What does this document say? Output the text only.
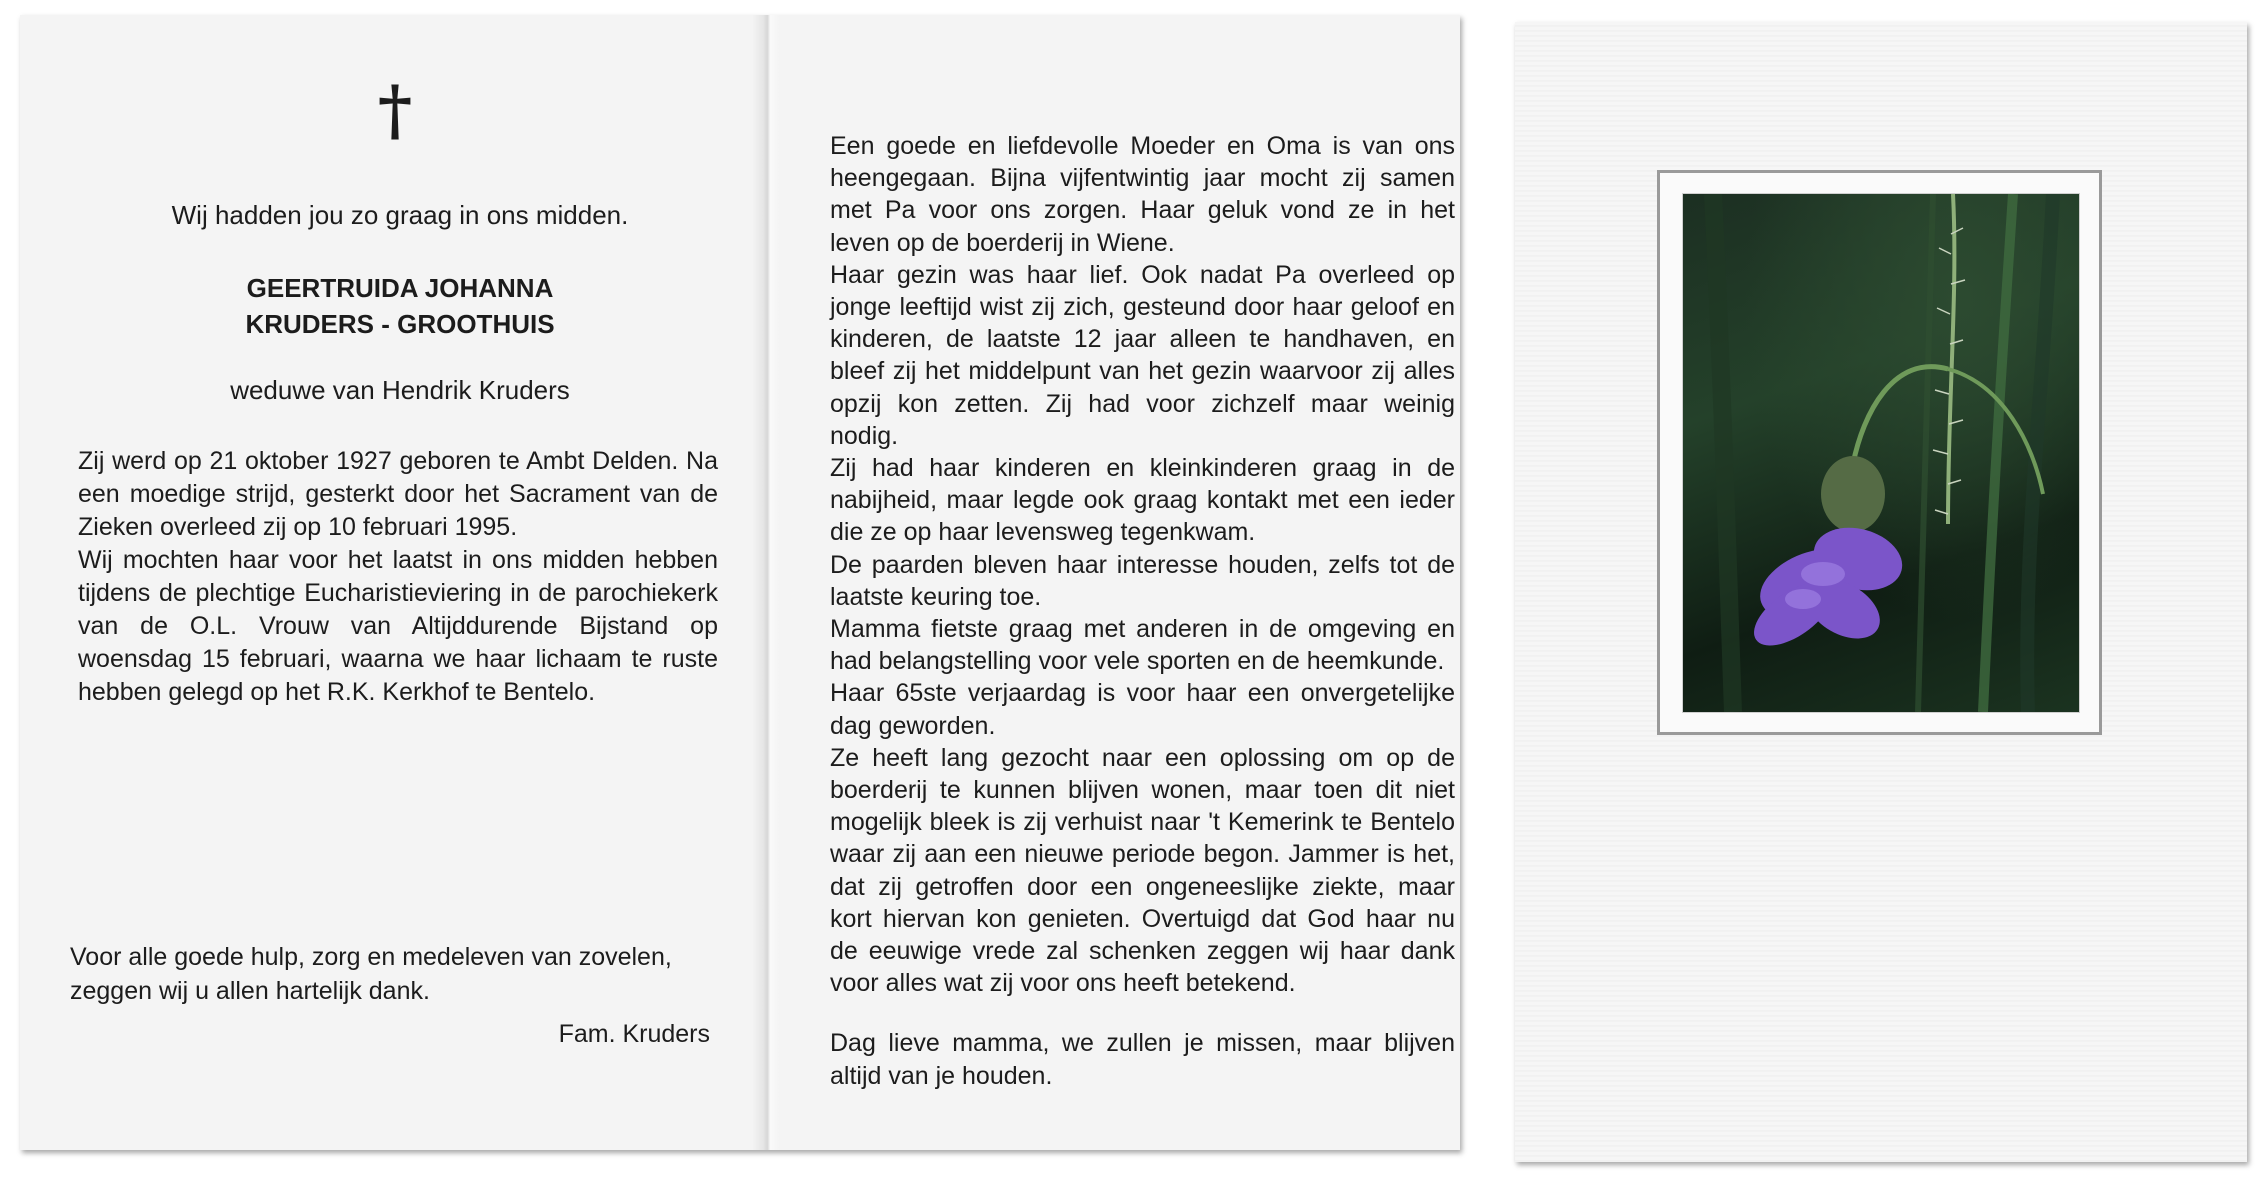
†
Wij hadden jou zo graag in ons midden.
GEERTRUIDA JOHANNA
KRUDERS - GROOTHUIS
weduwe van Hendrik Kruders

Zij werd op 21 oktober 1927 geboren te Ambt Delden. Na een moedige strijd, gesterkt door het Sacrament van de Zieken overleed zij op 10 februari 1995.

Wij mochten haar voor het laatst in ons midden hebben tijdens de plechtige Eucharistieviering in de parochiekerk van de O.L. Vrouw van Altijddurende Bijstand op woensdag 15 februari, waarna we haar lichaam te ruste hebben gelegd op het R.K. Kerkhof te Bentelo.

Voor alle goede hulp, zorg en medeleven van zovelen, zeggen wij u allen hartelijk dank.
Fam. Kruders

Een goede en liefdevolle Moeder en Oma is van ons heengegaan. Bijna vijfentwintig jaar mocht zij samen met Pa voor ons zorgen. Haar geluk vond ze in het leven op de boerderij in Wiene.

Haar gezin was haar lief. Ook nadat Pa overleed op jonge leeftijd wist zij zich, gesteund door haar geloof en kinderen, de laatste 12 jaar alleen te handhaven, en bleef zij het middelpunt van het gezin waarvoor zij alles opzij kon zetten. Zij had voor zichzelf maar weinig nodig.

Zij had haar kinderen en kleinkinderen graag in de nabijheid, maar legde ook graag kontakt met een ieder die ze op haar levensweg tegenkwam.

De paarden bleven haar interesse houden, zelfs tot de laatste keuring toe.

Mamma fietste graag met anderen in de omgeving en had belangstelling voor vele sporten en de heemkunde.

Haar 65ste verjaardag is voor haar een onvergetelijke dag geworden.

Ze heeft lang gezocht naar een oplossing om op de boerderij te kunnen blijven wonen, maar toen dit niet mogelijk bleek is zij verhuist naar 't Kemerink te Bentelo waar zij aan een nieuwe periode begon. Jammer is het, dat zij getroffen door een ongeneeslijke ziekte, maar kort hiervan kon genieten. Overtuigd dat God haar nu de eeuwige vrede zal schenken zeggen wij haar dank voor alles wat zij voor ons heeft betekend.

Dag lieve mamma, we zullen je missen, maar blijven altijd van je houden.
